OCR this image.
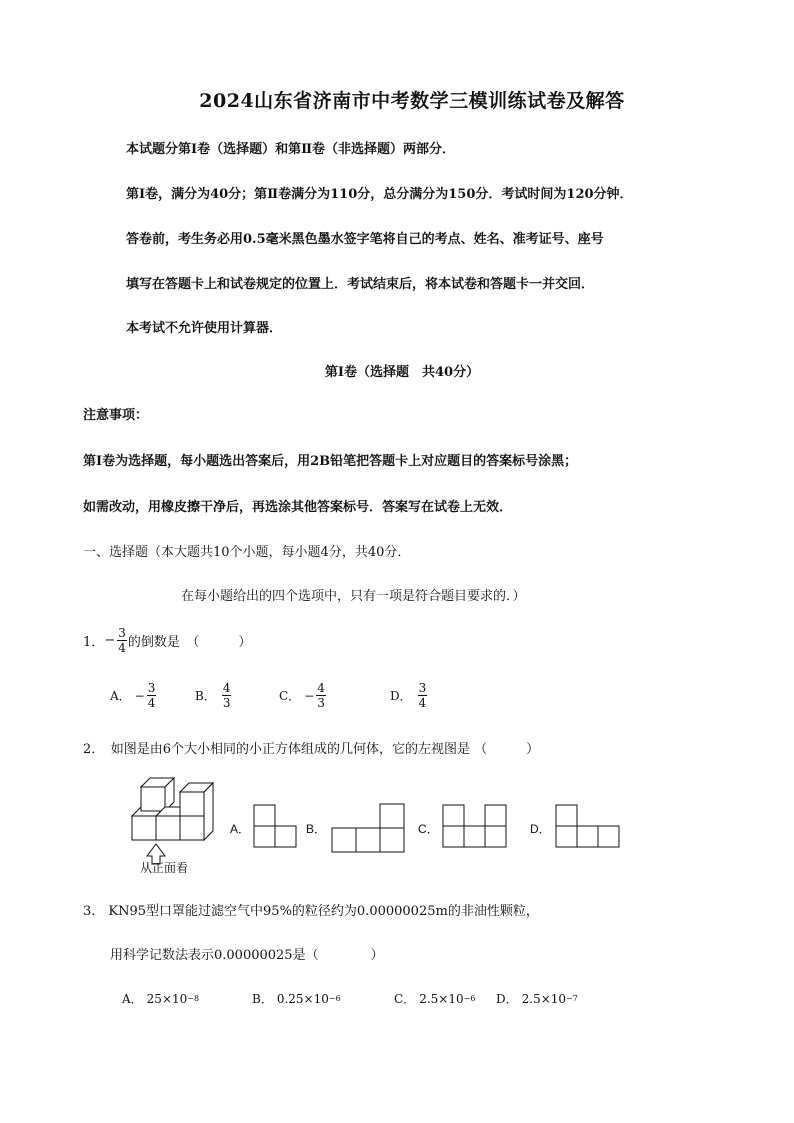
2024山东省济南市中考数学三模训练试卷及解答
本试题分第Ⅰ卷（选择题）和第Ⅱ卷（非选择题）两部分．
第Ⅰ卷，满分为40分；第Ⅱ卷满分为110分，总分满分为150分．考试时间为120分钟．
答卷前，考生务必用0.5毫米黑色墨水签字笔将自己的考点、姓名、准考证号、座号
填写在答题卡上和试卷规定的位置上．考试结束后，将本试卷和答题卡一并交回．
本考试不允许使用计算器．
第Ⅰ卷（选择题　共40分）
注意事项：
第Ⅰ卷为选择题，每小题选出答案后，用2B铅笔把答题卡上对应题目的答案标号涂黑；
如需改动，用橡皮擦干净后，再选涂其他答案标号．答案写在试卷上无效．
一、选择题（本大题共10个小题，每小题4分，共40分．
在每小题给出的四个选项中，只有一项是符合题目要求的．）
1． − $\frac{3}{4}$ 的倒数是　（　　　）
A． − $\frac{3}{4}$	B． $\frac{4}{3}$	C． − $\frac{4}{3}$	D． $\frac{3}{4}$
2．　如图是由6个大小相同的小正方体组成的几何体，它的左视图是 （　　　）
从正面看
A．	B．	C．	D．
3.　KN95型口罩能过滤空气中95%的粒径约为0.00000025m的非油性颗粒，
用科学记数法表示0.00000025是（　　　　）
A． 25×10 −8	B． 0.25×10 −6	C． 2.5×10 −6 D． 2.5×10 −7
